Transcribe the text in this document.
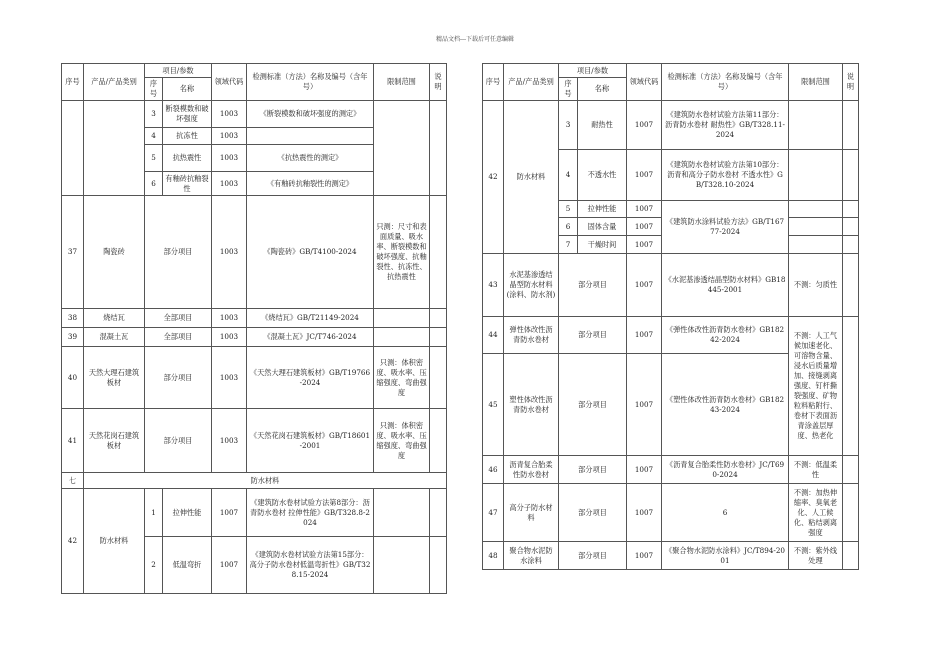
精品文档---下载后可任意编辑
序号	产品/产品类别	项目/参数		领域代码	检测标准（方法）名称及编号（含年号）	限制范围	说明
		序号	名称				
		3	断裂模数和破坏强度	1003	《断裂模数和破坏强度的测定》		
		4	抗冻性	1003			
		5	抗热震性	1003	《抗热震性的测定》		
		6	有釉砖抗釉裂性	1003	《有釉砖抗釉裂性的测定》		
37	陶瓷砖	部分项目		1003	《陶瓷砖》GB/T4100-2024	只测：尺寸和表面质量、吸水率、断裂模数和破坏强度、抗釉裂性、抗冻性、抗热震性	
38	烧结瓦	全部项目		1003	《烧结瓦》GB/T21149-2024		
39	混凝土瓦	全部项目		1003	《混凝土瓦》JC/T746-2024		
40	天然大理石建筑板材	部分项目		1003	《天然大理石建筑板材》GB/T19766-2024	只测：体积密度、吸水率、压缩强度、弯曲强度	
41	天然花岗石建筑板材	部分项目		1003	《天然花岗石建筑板材》GB/T18601-2001	只测：体积密度、吸水率、压缩强度、弯曲强度	
七	防水材料						
42	防水材料	1	拉伸性能	1007	《建筑防水卷材试验方法第8部分：沥青防水卷材 拉伸性能》GB/T328.8-2024		
		2	低温弯折	1007	《建筑防水卷材试验方法第15部分：高分子防水卷材低温弯折性》GB/T328.15-2024		
序号	产品/产品类别	项目/参数		领域代码	检测标准（方法）名称及编号（含年号）	限制范围	说明
		序号	名称				
42	防水材料	3	耐热性	1007	《建筑防水卷材试验方法第11部分：沥青防水卷材 耐热性》GB/T328.11-2024		
		4	不透水性	1007	《建筑防水卷材试验方法第10部分：沥青和高分子防水卷材 不透水性》GB/T328.10-2024		
		5	拉伸性能	1007	《建筑防水涂料试验方法》GB/T16777-2024		
		6	固体含量	1007			
		7	干燥时间	1007			
43	水泥基渗透结晶型防水材料(涂料、防水剂)	部分项目		1007	《水泥基渗透结晶型防水材料》GB18445-2001	不测：匀质性	
44	弹性体改性沥青防水卷材	部分项目		1007	《弹性体改性沥青防水卷材》GB18242-2024	不测：人工气候加速老化、可溶物含量、浸水后质量增加、接缝剥离强度、钉杆撕裂强度、矿物粒料粘附行、卷材下表面沥青涂盖层厚度、热老化	
45	塑性体改性沥青防水卷材	部分项目		1007	《塑性体改性沥青防水卷材》GB18243-2024		
46	沥青复合胎柔性防水卷材	部分项目		1007	《沥青复合胎柔性防水卷材》JC/T690-2024	不测：低温柔性	
47	高分子防水材料	部分项目		1007	6	不测：加热伸缩率、臭氧老化、人工候化、粘结剥离强度	
48	聚合物水泥防水涂料	部分项目		1007	《聚合物水泥防水涂料》JC/T894-2001	不测：紫外线处理	
